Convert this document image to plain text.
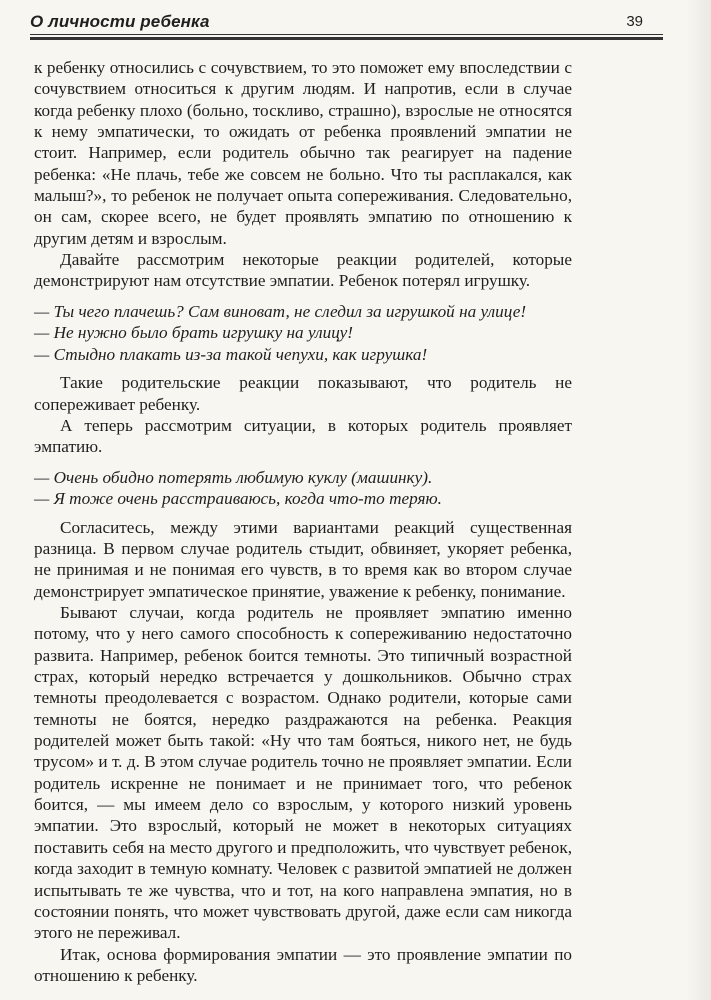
О личности ребенка	39

к ребенку относились с сочувствием, то это поможет ему впоследствии с сочувствием относиться к другим людям. И напротив, если в случае когда ребенку плохо (больно, тоскливо, страшно), взрослые не относятся к нему эмпатически, то ожидать от ребенка проявлений эмпатии не стоит. Например, если родитель обычно так реагирует на падение ребенка: «Не плачь, тебе же совсем не больно. Что ты расплакался, как малыш?», то ребенок не получает опыта сопереживания. Следовательно, он сам, скорее всего, не будет проявлять эмпатию по отношению к другим детям и взрослым.

Давайте рассмотрим некоторые реакции родителей, которые демонстрируют нам отсутствие эмпатии. Ребенок потерял игрушку.

— Ты чего плачешь? Сам виноват, не следил за игрушкой на улице!
— Не нужно было брать игрушку на улицу!
— Стыдно плакать из-за такой чепухи, как игрушка!

Такие родительские реакции показывают, что родитель не сопереживает ребенку.

А теперь рассмотрим ситуации, в которых родитель проявляет эмпатию.

— Очень обидно потерять любимую куклу (машинку).
— Я тоже очень расстраиваюсь, когда что-то теряю.

Согласитесь, между этими вариантами реакций существенная разница. В первом случае родитель стыдит, обвиняет, укоряет ребенка, не принимая и не понимая его чувств, в то время как во втором случае демонстрирует эмпатическое принятие, уважение к ребенку, понимание.

Бывают случаи, когда родитель не проявляет эмпатию именно потому, что у него самого способность к сопереживанию недостаточно развита. Например, ребенок боится темноты. Это типичный возрастной страх, который нередко встречается у дошкольников. Обычно страх темноты преодолевается с возрастом. Однако родители, которые сами темноты не боятся, нередко раздражаются на ребенка. Реакция родителей может быть такой: «Ну что там бояться, никого нет, не будь трусом» и т. д. В этом случае родитель точно не проявляет эмпатии. Если родитель искренне не понимает и не принимает того, что ребенок боится, — мы имеем дело со взрослым, у которого низкий уровень эмпатии. Это взрослый, который не может в некоторых ситуациях поставить себя на место другого и предположить, что чувствует ребенок, когда заходит в темную комнату. Человек с развитой эмпатией не должен испытывать те же чувства, что и тот, на кого направлена эмпатия, но в состоянии понять, что может чувствовать другой, даже если сам никогда этого не переживал.

Итак, основа формирования эмпатии — это проявление эмпатии по отношению к ребенку.
